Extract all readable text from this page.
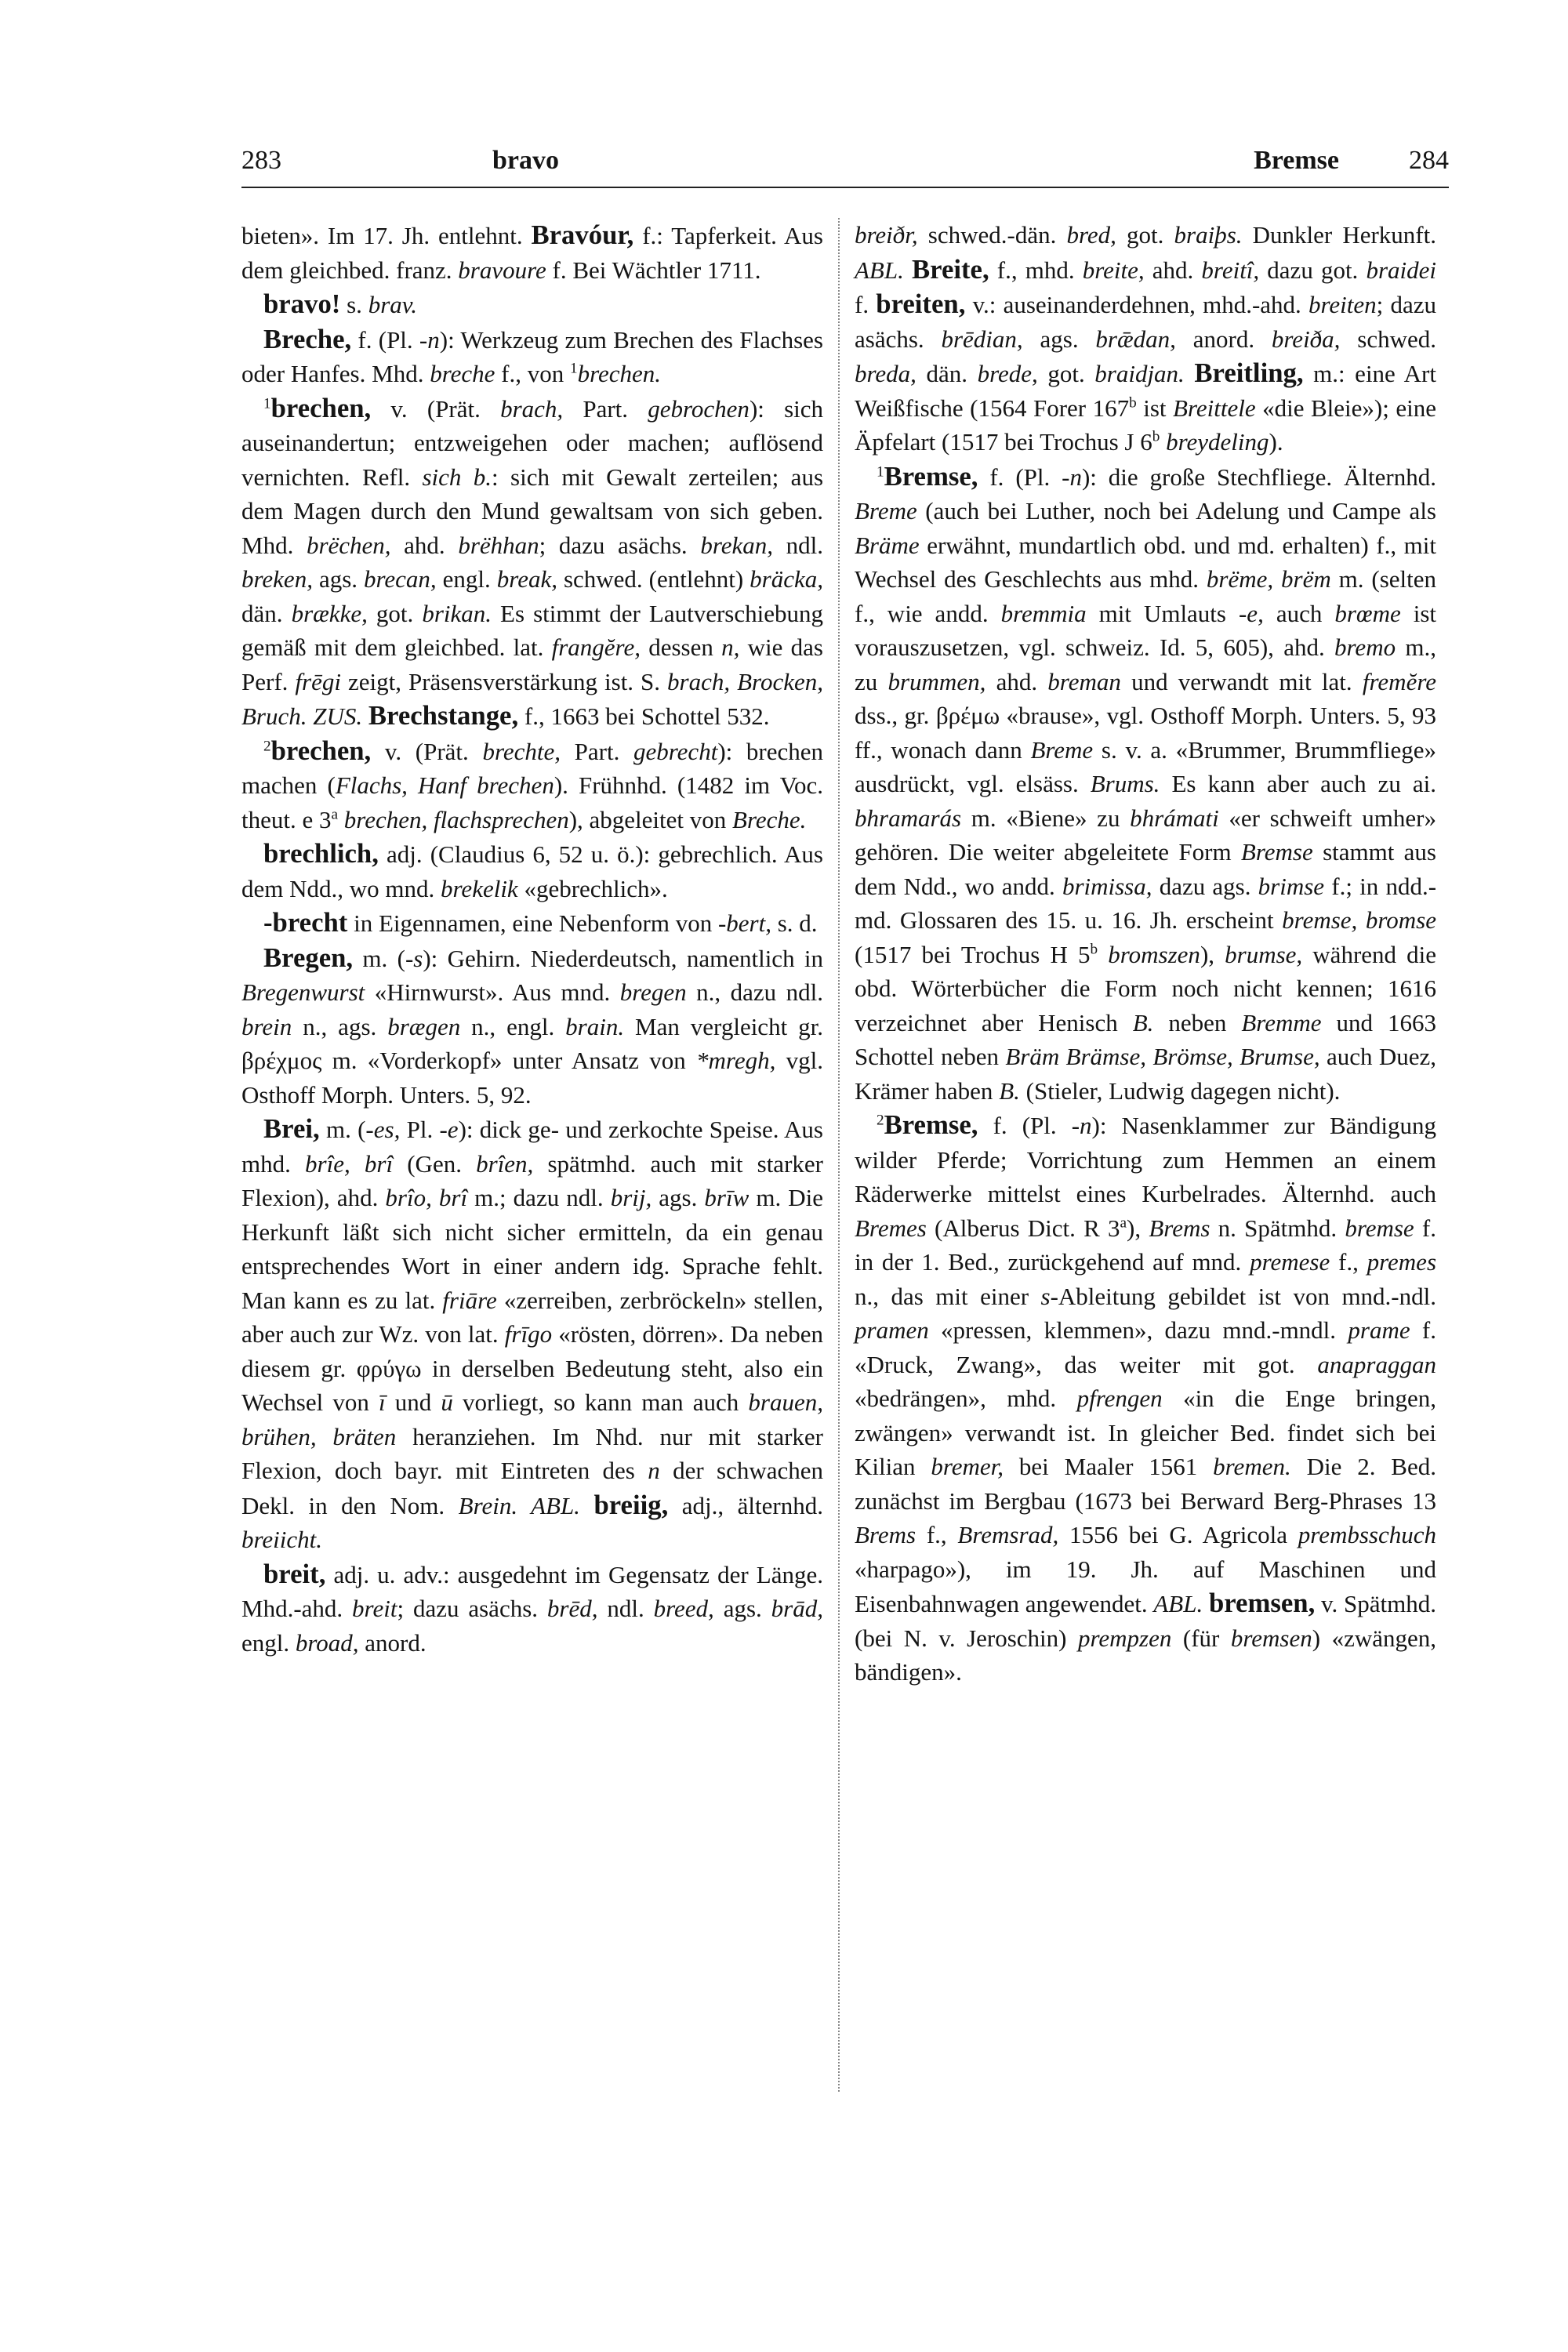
283	bravo	Bremse	284

bieten». Im 17. Jh. entlehnt. Bravóur, f.: Tapferkeit. Aus dem gleichbed. franz. bravoure f. Bei Wächtler 1711.

bravo! s. brav.

Breche, f. (Pl. -n): Werkzeug zum Brechen des Flachses oder Hanfes. Mhd. breche f., von $^1$brechen.

$^1$brechen, v. (Prät. brach, Part. gebrochen): sich auseinandertun; entzweigehen oder machen; auflösend vernichten. Refl. sich b.: sich mit Gewalt zerteilen; aus dem Magen durch den Mund gewaltsam von sich geben. Mhd. brëchen, ahd. brëhhan; dazu asächs. brekan, ndl. breken, ags. brecan, engl. break, schwed. (entlehnt) bräcka, dän. brække, got. brikan. Es stimmt der Lautverschiebung gemäß mit dem gleichbed. lat. frangĕre, dessen n, wie das Perf. frēgi zeigt, Präsensverstärkung ist. S. brach, Brocken, Bruch. ZUS. Brechstange, f., 1663 bei Schottel 532.

$^2$brechen, v. (Prät. brechte, Part. gebrecht): brechen machen (Flachs, Hanf brechen). Frühnhd. (1482 im Voc. theut. e 3$^a$ brechen, flachsprechen), abgeleitet von Breche.

brechlich, adj. (Claudius 6, 52 u. ö.): gebrechlich. Aus dem Ndd., wo mnd. brekelik «gebrechlich».

-brecht in Eigennamen, eine Nebenform von -bert, s. d.

Bregen, m. (-s): Gehirn. Niederdeutsch, namentlich in Bregenwurst «Hirnwurst». Aus mnd. bregen n., dazu ndl. brein n., ags. brægen n., engl. brain. Man vergleicht gr. βρέχμος m. «Vorderkopf» unter Ansatz von *mregh, vgl. Osthoff Morph. Unters. 5, 92.

Brei, m. (-es, Pl. -e): dick ge- und zerkochte Speise. Aus mhd. brîe, brî (Gen. brîen, spätmhd. auch mit starker Flexion), ahd. brîo, brî m.; dazu ndl. brij, ags. brīw m. Die Herkunft läßt sich nicht sicher ermitteln, da ein genau entsprechendes Wort in einer andern idg. Sprache fehlt. Man kann es zu lat. friāre «zerreiben, zerbröckeln» stellen, aber auch zur Wz. von lat. frīgo «rösten, dörren». Da neben diesem gr. φρύγω in derselben Bedeutung steht, also ein Wechsel von ī und ū vorliegt, so kann man auch brauen, brühen, bräten heranziehen. Im Nhd. nur mit starker Flexion, doch bayr. mit Eintreten des n der schwachen Dekl. in den Nom. Brein. ABL. breiig, adj., älternhd. breiicht.

breit, adj. u. adv.: ausgedehnt im Gegensatz der Länge. Mhd.-ahd. breit; dazu asächs. brēd, ndl. breed, ags. brād, engl. broad, anord.

breiðr, schwed.-dän. bred, got. braiþs. Dunkler Herkunft. ABL. Breite, f., mhd. breite, ahd. breitî, dazu got. braidei f. breiten, v.: auseinanderdehnen, mhd.-ahd. breiten; dazu asächs. brēdian, ags. brǣdan, anord. breiða, schwed. breda, dän. brede, got. braidjan. Breitling, m.: eine Art Weißfische (1564 Forer 167$^b$ ist Breittele «die Bleie»); eine Äpfelart (1517 bei Trochus J 6$^b$ breydeling).

$^1$Bremse, f. (Pl. -n): die große Stechfliege. Älternhd. Breme (auch bei Luther, noch bei Adelung und Campe als Bräme erwähnt, mundartlich obd. und md. erhalten) f., mit Wechsel des Geschlechts aus mhd. brëme, brëm m. (selten f., wie andd. bremmia mit Umlauts -e, auch brœme ist vorauszusetzen, vgl. schweiz. Id. 5, 605), ahd. bremo m., zu brummen, ahd. breman und verwandt mit lat. fremĕre dss., gr. βρέμω «brause», vgl. Osthoff Morph. Unters. 5, 93 ff., wonach dann Breme s. v. a. «Brummer, Brummfliege» ausdrückt, vgl. elsäss. Brums. Es kann aber auch zu ai. bhramarás m. «Biene» zu bhrámati «er schweift umher» gehören. Die weiter abgeleitete Form Bremse stammt aus dem Ndd., wo andd. brimissa, dazu ags. brimse f.; in ndd.-md. Glossaren des 15. u. 16. Jh. erscheint bremse, bromse (1517 bei Trochus H 5$^b$ bromszen), brumse, während die obd. Wörterbücher die Form noch nicht kennen; 1616 verzeichnet aber Henisch B. neben Bremme und 1663 Schottel neben Bräm Brämse, Brömse, Brumse, auch Duez, Krämer haben B. (Stieler, Ludwig dagegen nicht).

$^2$Bremse, f. (Pl. -n): Nasenklammer zur Bändigung wilder Pferde; Vorrichtung zum Hemmen an einem Räderwerke mittelst eines Kurbelrades. Älternhd. auch Bremes (Alberus Dict. R 3$^a$), Brems n. Spätmhd. bremse f. in der 1. Bed., zurückgehend auf mnd. premese f., premes n., das mit einer s-Ableitung gebildet ist von mnd.-ndl. pramen «pressen, klemmen», dazu mnd.-mndl. prame f. «Druck, Zwang», das weiter mit got. anapraggan «bedrängen», mhd. pfrengen «in die Enge bringen, zwängen» verwandt ist. In gleicher Bed. findet sich bei Kilian bremer, bei Maaler 1561 bremen. Die 2. Bed. zunächst im Bergbau (1673 bei Berward Berg-Phrases 13 Brems f., Bremsrad, 1556 bei G. Agricola prembsschuch «harpago»), im 19. Jh. auf Maschinen und Eisenbahnwagen angewendet. ABL. bremsen, v. Spätmhd. (bei N. v. Jeroschin) prempzen (für bremsen) «zwängen, bändigen».
